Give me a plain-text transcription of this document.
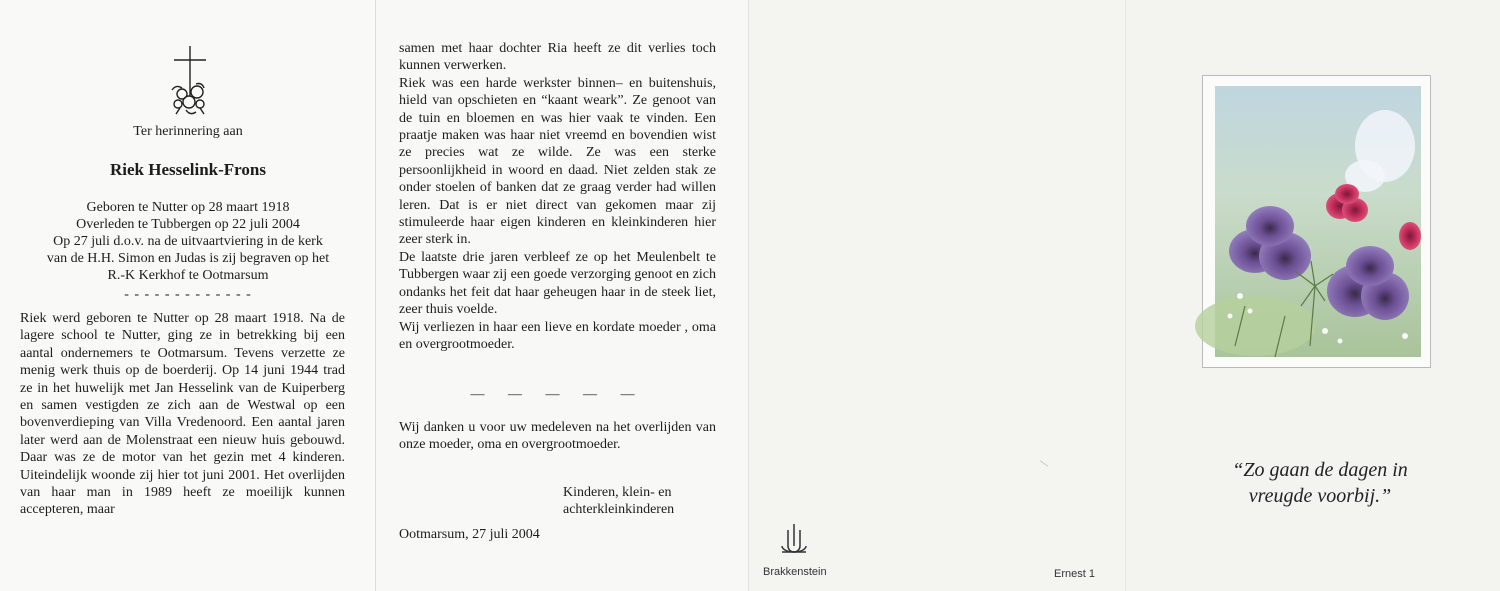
Ter herinnering aan
Riek Hesselink-Frons
Geboren te Nutter op 28 maart 1918
Overleden te Tubbergen op 22 juli 2004
Op 27 juli d.o.v. na de uitvaartviering in de kerk
van de H.H. Simon en Judas is zij begraven op het
R.-K Kerkhof te Ootmarsum
- - - - - - - - - - - - -
Riek werd geboren te Nutter op 28 maart 1918. Na de lagere school te Nutter, ging ze in betrekking bij een aantal ondernemers te Ootmarsum. Tevens verzette ze menig werk thuis op de boerderij. Op 14 juni 1944 trad ze in het huwelijk met Jan Hesselink van de Kuiperberg en samen vestigden ze zich aan de Westwal op een bovenverdieping van Villa Vredenoord. Een aantal jaren later werd aan de Molenstraat een nieuw huis gebouwd. Daar was ze de motor van het gezin met 4 kinderen. Uiteindelijk woonde zij hier tot juni 2001. Het overlijden van haar man in 1989 heeft ze moeilijk kunnen accepteren, maar
samen met haar dochter Ria heeft ze dit verlies toch kunnen verwerken.
Riek was een harde werkster binnen– en buitenshuis, hield van opschieten en “kaant weark”. Ze genoot van de tuin en bloemen en was hier vaak te vinden. Een praatje maken was haar niet vreemd en bovendien wist ze precies wat ze wilde. Ze was een sterke persoonlijkheid in woord en daad. Niet zelden stak ze onder stoelen of banken dat ze graag verder had willen leren. Dat is er niet direct van gekomen maar zij stimuleerde haar eigen kinderen en kleinkinderen hier zeer sterk in.
De laatste drie jaren verbleef ze op het Meulenbelt te Tubbergen waar zij een goede verzorging genoot en zich ondanks het feit dat haar geheugen haar in de steek liet, zeer thuis voelde.
Wij verliezen in haar een lieve en kordate moeder , oma en overgrootmoeder.
— — — — —
Wij danken u voor uw medeleven na het overlijden van onze moeder, oma en overgrootmoeder.
Kinderen, klein- en
achterkleinkinderen
Ootmarsum, 27 juli 2004
Brakkenstein
“Zo gaan de dagen in
vreugde voorbij.”
Ernest 1
